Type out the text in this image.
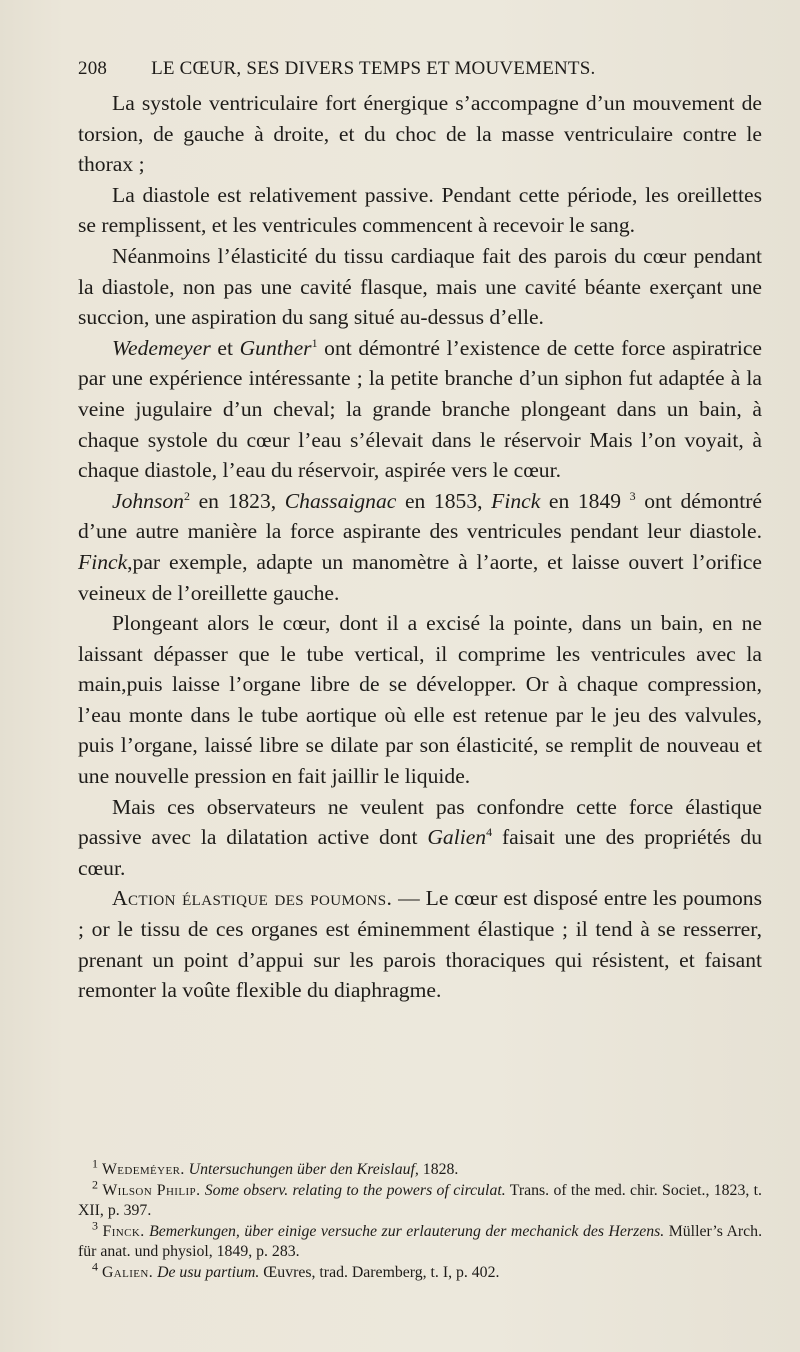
208 LE CŒUR, SES DIVERS TEMPS ET MOUVEMENTS.

La systole ventriculaire fort énergique s’accompagne d’un mouvement de torsion, de gauche à droite, et du choc de la masse ventriculaire contre le thorax ;

La diastole est relativement passive. Pendant cette période, les oreillettes se remplissent, et les ventricules commencent à recevoir le sang.

Néanmoins l’élasticité du tissu cardiaque fait des parois du cœur pendant la diastole, non pas une cavité flasque, mais une cavité béante exerçant une succion, une aspiration du sang situé au-dessus d’elle.

Wedemeyer et Gunther$^1$ ont démontré l’existence de cette force aspiratrice par une expérience intéressante ; la petite branche d’un siphon fut adaptée à la veine jugulaire d’un cheval; la grande branche plongeant dans un bain, à chaque systole du cœur l’eau s’élevait dans le réservoir Mais l’on voyait, à chaque diastole, l’eau du réservoir, aspirée vers le cœur.

Johnson$^2$ en 1823, Chassaignac en 1853, Finck en 1849 $^3$ ont démontré d’une autre manière la force aspirante des ventricules pendant leur diastole. Finck,par exemple, adapte un manomètre à l’aorte, et laisse ouvert l’orifice veineux de l’oreillette gauche.

Plongeant alors le cœur, dont il a excisé la pointe, dans un bain, en ne laissant dépasser que le tube vertical, il comprime les ventricules avec la main,puis laisse l’organe libre de se développer. Or à chaque compression, l’eau monte dans le tube aortique où elle est retenue par le jeu des valvules, puis l’organe, laissé libre se dilate par son élasticité, se remplit de nouveau et une nouvelle pression en fait jaillir le liquide.

Mais ces observateurs ne veulent pas confondre cette force élastique passive avec la dilatation active dont Galien$^4$ faisait une des propriétés du cœur.

Action élastique des poumons. — Le cœur est disposé entre les poumons ; or le tissu de ces organes est éminemment élastique ; il tend à se resserrer, prenant un point d’appui sur les parois thoraciques qui résistent, et faisant remonter la voûte flexible du diaphragme.

$^1$ Wedeméyer. Untersuchungen über den Kreislauf, 1828.

$^2$ Wilson Philip. Some observ. relating to the powers of circulat. Trans. of the med. chir. Societ., 1823, t. XII, p. 397.

$^3$ Finck. Bemerkungen, über einige versuche zur erlauterung der mechanick des Herzens. Müller’s Arch. für anat. und physiol, 1849, p. 283.

$^4$ Galien. De usu partium. Œuvres, trad. Daremberg, t. I, p. 402.
